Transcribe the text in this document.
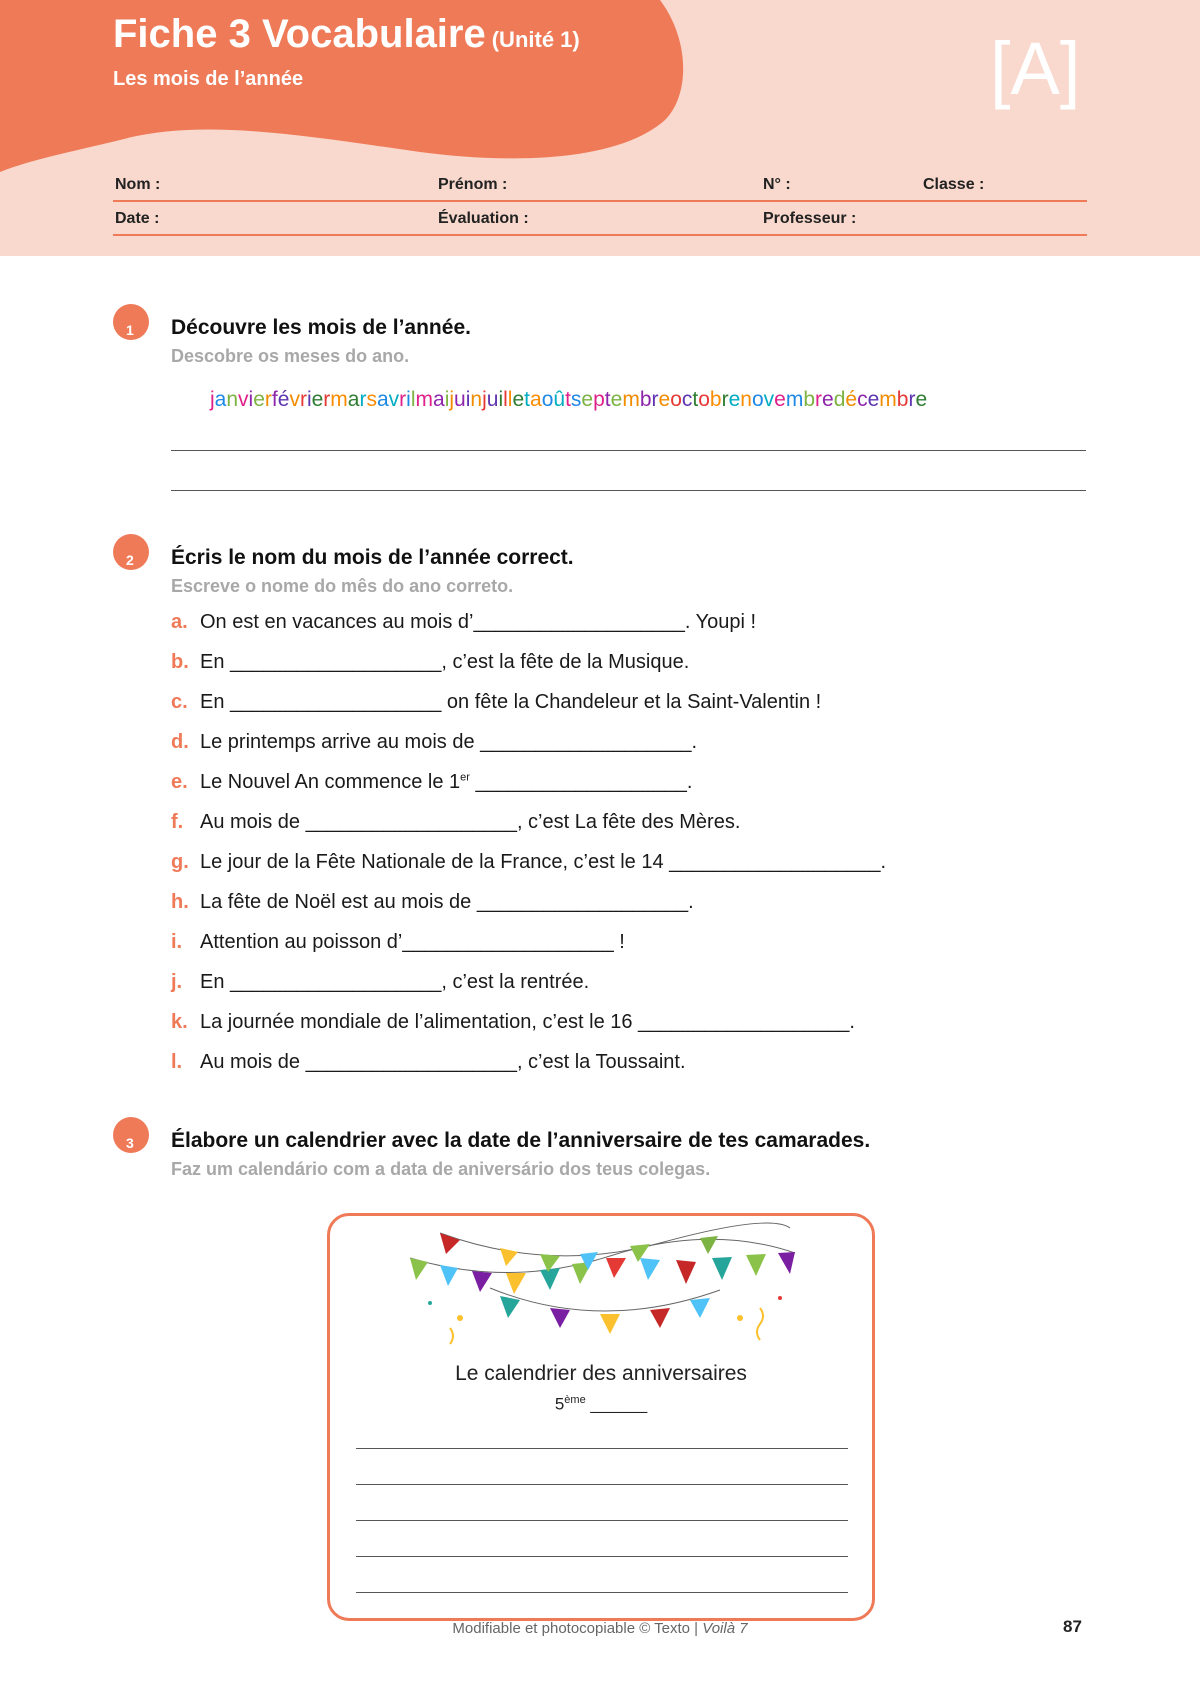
Fiche 3 Vocabulaire (Unité 1)
Les mois de l’année	[A]
Nom :	Prénom :	N° :	Classe :
Date :	Évaluation :	Professeur :
1 Découvre les mois de l’année.
Descobre os meses do ano.
janvierfévriermarsavrilmaijuinjuilletaoûtseptembreoctobrenovembredécembre
2 Écris le nom du mois de l’année correct.
Escreve o nome do mês do ano correto.
a. On est en vacances au mois d’___________________. Youpi !
b. En ___________________, c’est la fête de la Musique.
c. En ___________________ on fête la Chandeleur et la Saint-Valentin !
d. Le printemps arrive au mois de ___________________.
e. Le Nouvel An commence le 1er ___________________.
f. Au mois de ___________________, c’est La fête des Mères.
g. Le jour de la Fête Nationale de la France, c’est le 14 ___________________.
h. La fête de Noël est au mois de ___________________.
i. Attention au poisson d’___________________ !
j. En ___________________, c’est la rentrée.
k. La journée mondiale de l’alimentation, c’est le 16 ___________________.
l. Au mois de ___________________, c’est la Toussaint.
3 Élabore un calendrier avec la date de l’anniversaire de tes camarades.
Faz um calendário com a data de aniversário dos teus colegas.
Le calendrier des anniversaires
5ème ______
Modifiable et photocopiable © Texto | Voilà 7	87
